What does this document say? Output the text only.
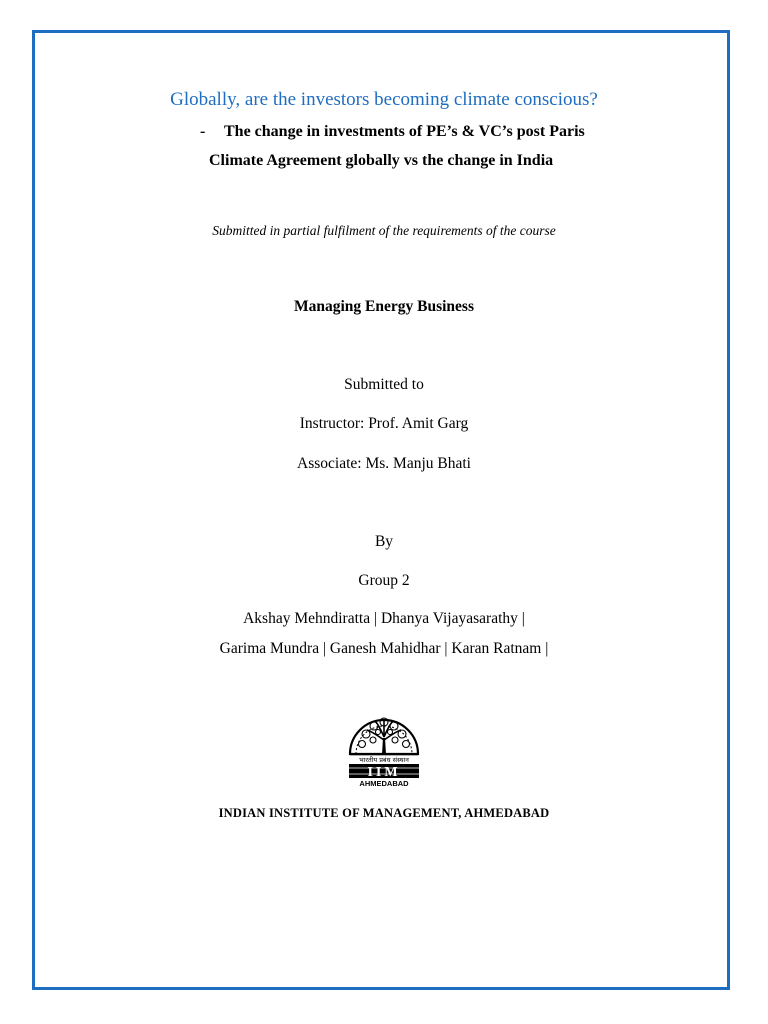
Globally, are the investors becoming climate conscious?
- The change in investments of PE’s & VC’s post Paris
Climate Agreement globally vs the change in India
Submitted in partial fulfilment of the requirements of the course
Managing Energy Business
Submitted to
Instructor: Prof. Amit Garg
Associate: Ms. Manju Bhati
By
Group 2
Akshay Mehndiratta | Dhanya Vijayasarathy |
Garima Mundra | Ganesh Mahidhar | Karan Ratnam |
भारतीय प्रबंध संस्थान
IIM
AHMEDABAD
INDIAN INSTITUTE OF MANAGEMENT, AHMEDABAD
